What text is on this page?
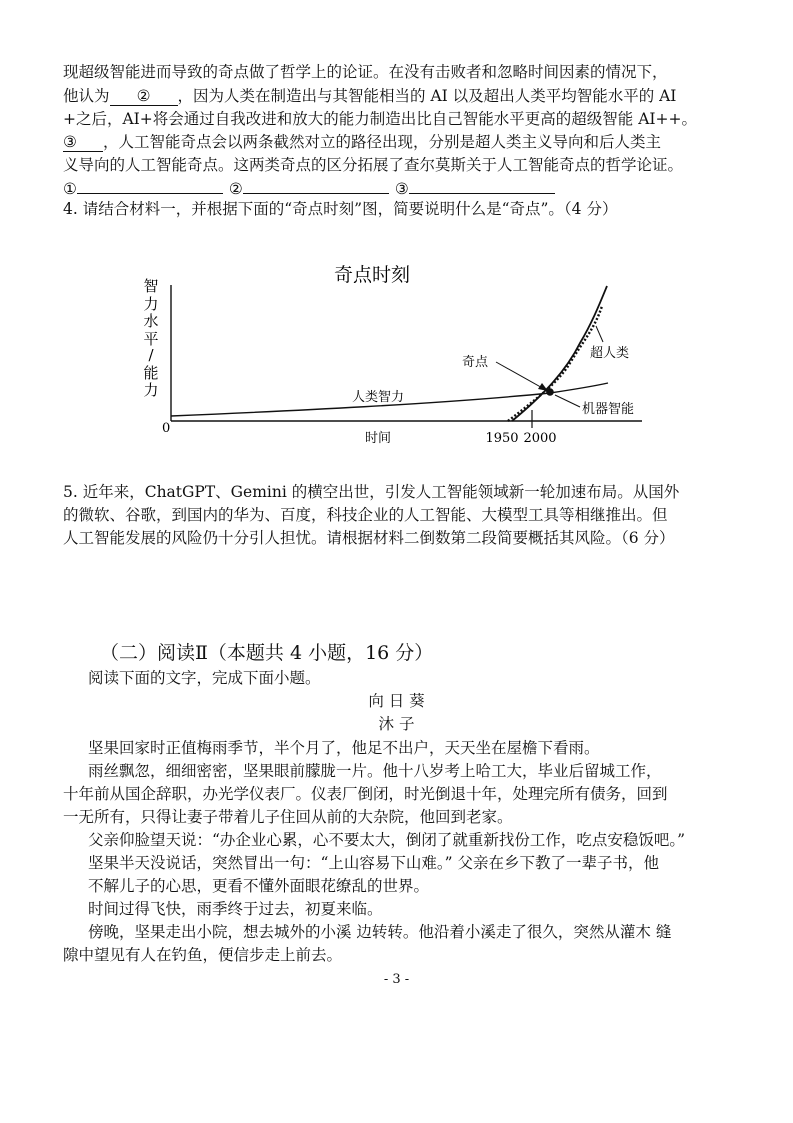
现超级智能进而导致的奇点做了哲学上的论证。在没有击败者和忽略时间因素的情况下，
他认为 ② ，因为人类在制造出与其智能相当的 AI 以及超出人类平均智能水平的 AI
+之后，AI+将会通过自我改进和放大的能力制造出比自己智能水平更高的超级智能 AI++。
③ ，人工智能奇点会以两条截然对立的路径出现，分别是超人类主义导向和后人类主
义导向的人工智能奇点。这两类奇点的区分拓展了查尔莫斯关于人工智能奇点的哲学论证。
①	②	③
4. 请结合材料一，并根据下面的“奇点时刻”图，简要说明什么是“奇点”。（4 分）
奇点时刻
智
力
水
平
/
能
力
0
时间	1950 2000
人类智力
奇点
超人类
机器智能
5. 近年来，ChatGPT、Gemini 的横空出世，引发人工智能领域新一轮加速布局。从国外
的微软、谷歌，到国内的华为、百度，科技企业的人工智能、大模型工具等相继推出。但
人工智能发展的风险仍十分引人担忧。请根据材料二倒数第二段简要概括其风险。（6 分）
（二）阅读Ⅱ（本题共 4 小题，16 分）
阅读下面的文字，完成下面小题。
向 日 葵
沐 子
坚果回家时正值梅雨季节，半个月了，他足不出户，天天坐在屋檐下看雨。
雨丝飘忽，细细密密，坚果眼前朦胧一片。他十八岁考上哈工大，毕业后留城工作，
十年前从国企辞职，办光学仪表厂。仪表厂倒闭，时光倒退十年，处理完所有债务，回到
一无所有，只得让妻子带着儿子住回从前的大杂院，他回到老家。
父亲仰脸望天说：“办企业心累，心不要太大，倒闭了就重新找份工作，吃点安稳饭吧。”
坚果半天没说话，突然冒出一句：“上山容易下山难。” 父亲在乡下教了一辈子书，他
不解儿子的心思，更看不懂外面眼花缭乱的世界。
时间过得飞快，雨季终于过去，初夏来临。
傍晚，坚果走出小院，想去城外的小溪 边转转。他沿着小溪走了很久，突然从灌木 缝
隙中望见有人在钓鱼，便信步走上前去。
- 3 -
